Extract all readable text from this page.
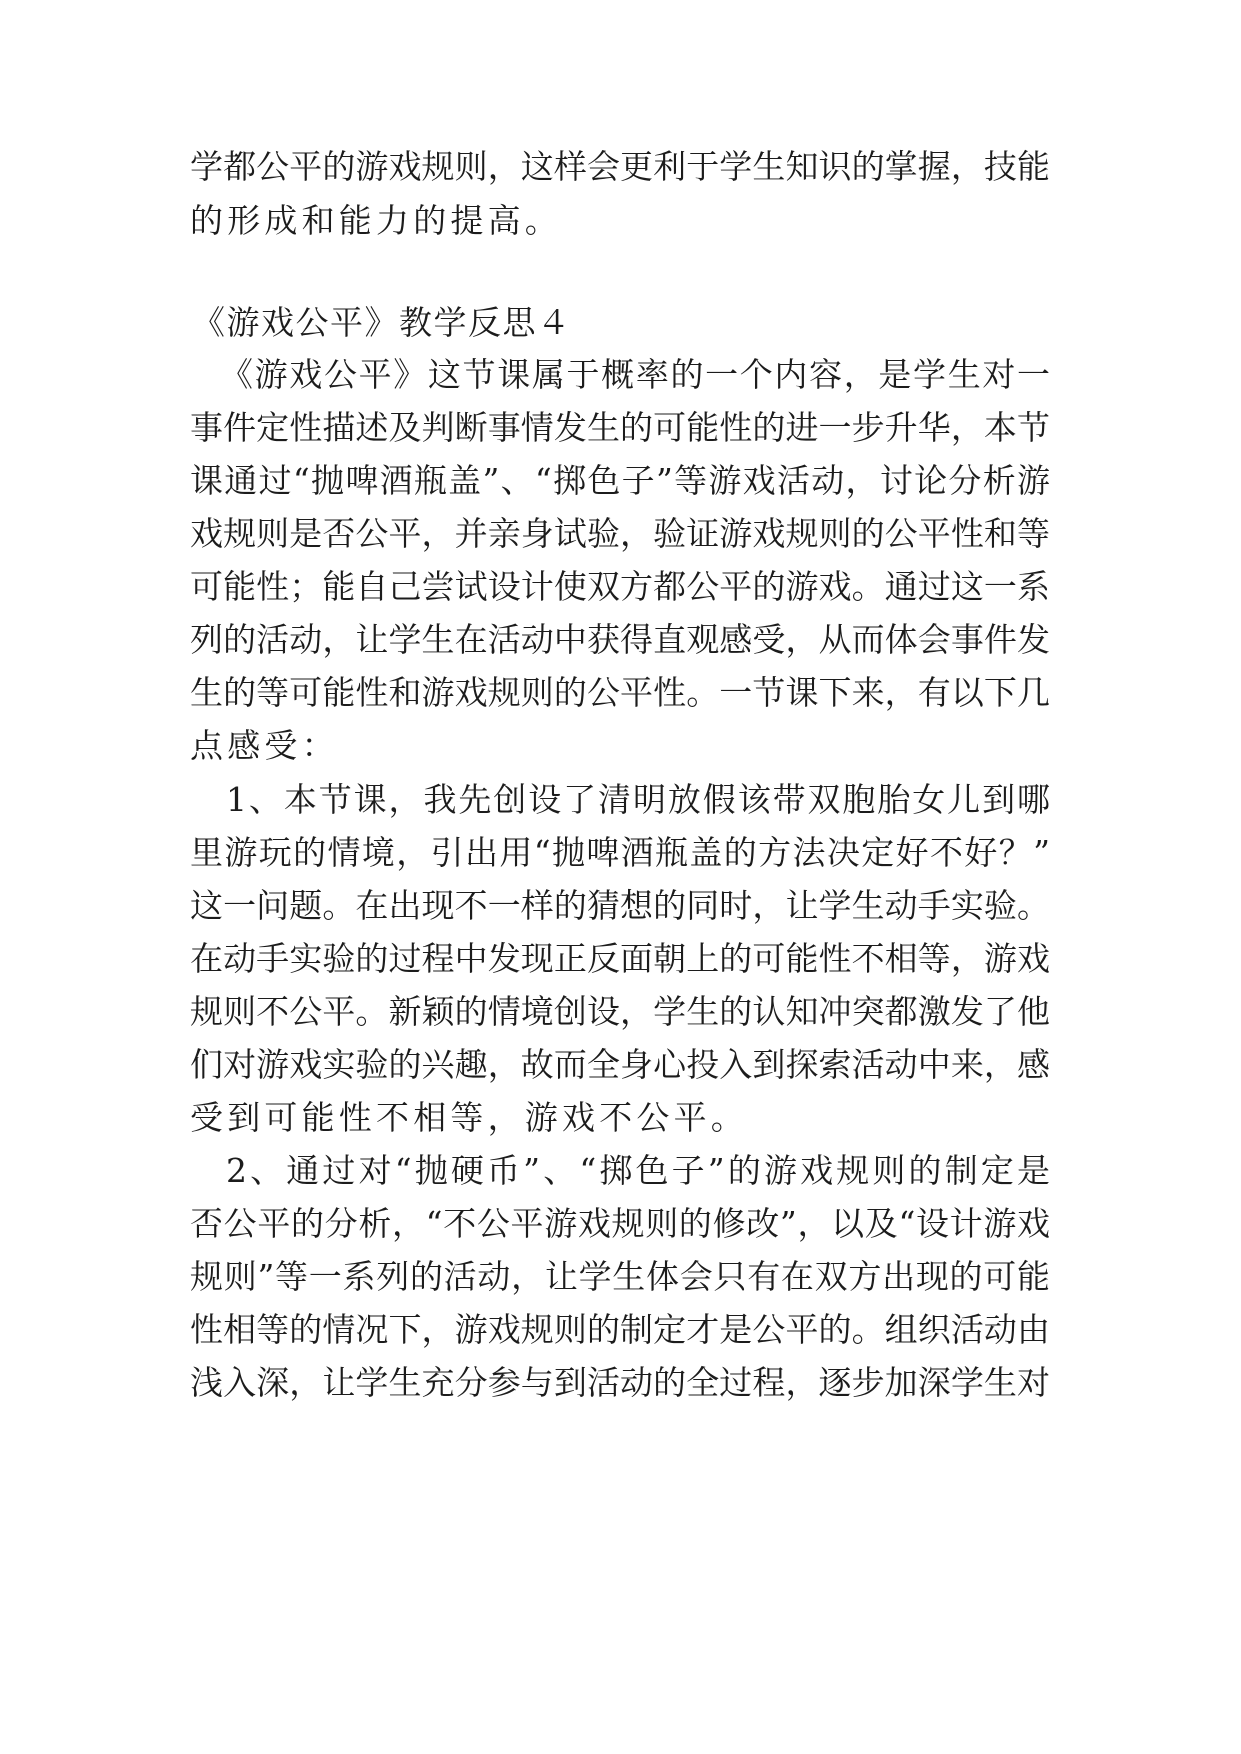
学都公平的游戏规则，这样会更利于学生知识的掌握，技能
的形成和能力的提高。
《游戏公平》教学反思４
《游戏公平》这节课属于概率的一个内容，是学生对一
事件定性描述及判断事情发生的可能性的进一步升华，本节
课通过“抛啤酒瓶盖”、“掷色子”等游戏活动，讨论分析游
戏规则是否公平，并亲身试验，验证游戏规则的公平性和等
可能性；能自己尝试设计使双方都公平的游戏。通过这一系
列的活动，让学生在活动中获得直观感受，从而体会事件发
生的等可能性和游戏规则的公平性。一节课下来，有以下几
点感受：
1、本节课，我先创设了清明放假该带双胞胎女儿到哪
里游玩的情境，引出用“抛啤酒瓶盖的方法决定好不好？”
这一问题。在出现不一样的猜想的同时，让学生动手实验。
在动手实验的过程中发现正反面朝上的可能性不相等，游戏
规则不公平。新颖的情境创设，学生的认知冲突都激发了他
们对游戏实验的兴趣，故而全身心投入到探索活动中来，感
受到可能性不相等，游戏不公平。
2、通过对“抛硬币”、“掷色子”的游戏规则的制定是
否公平的分析，“不公平游戏规则的修改”，以及“设计游戏
规则”等一系列的活动，让学生体会只有在双方出现的可能
性相等的情况下，游戏规则的制定才是公平的。组织活动由
浅入深，让学生充分参与到活动的全过程，逐步加深学生对
